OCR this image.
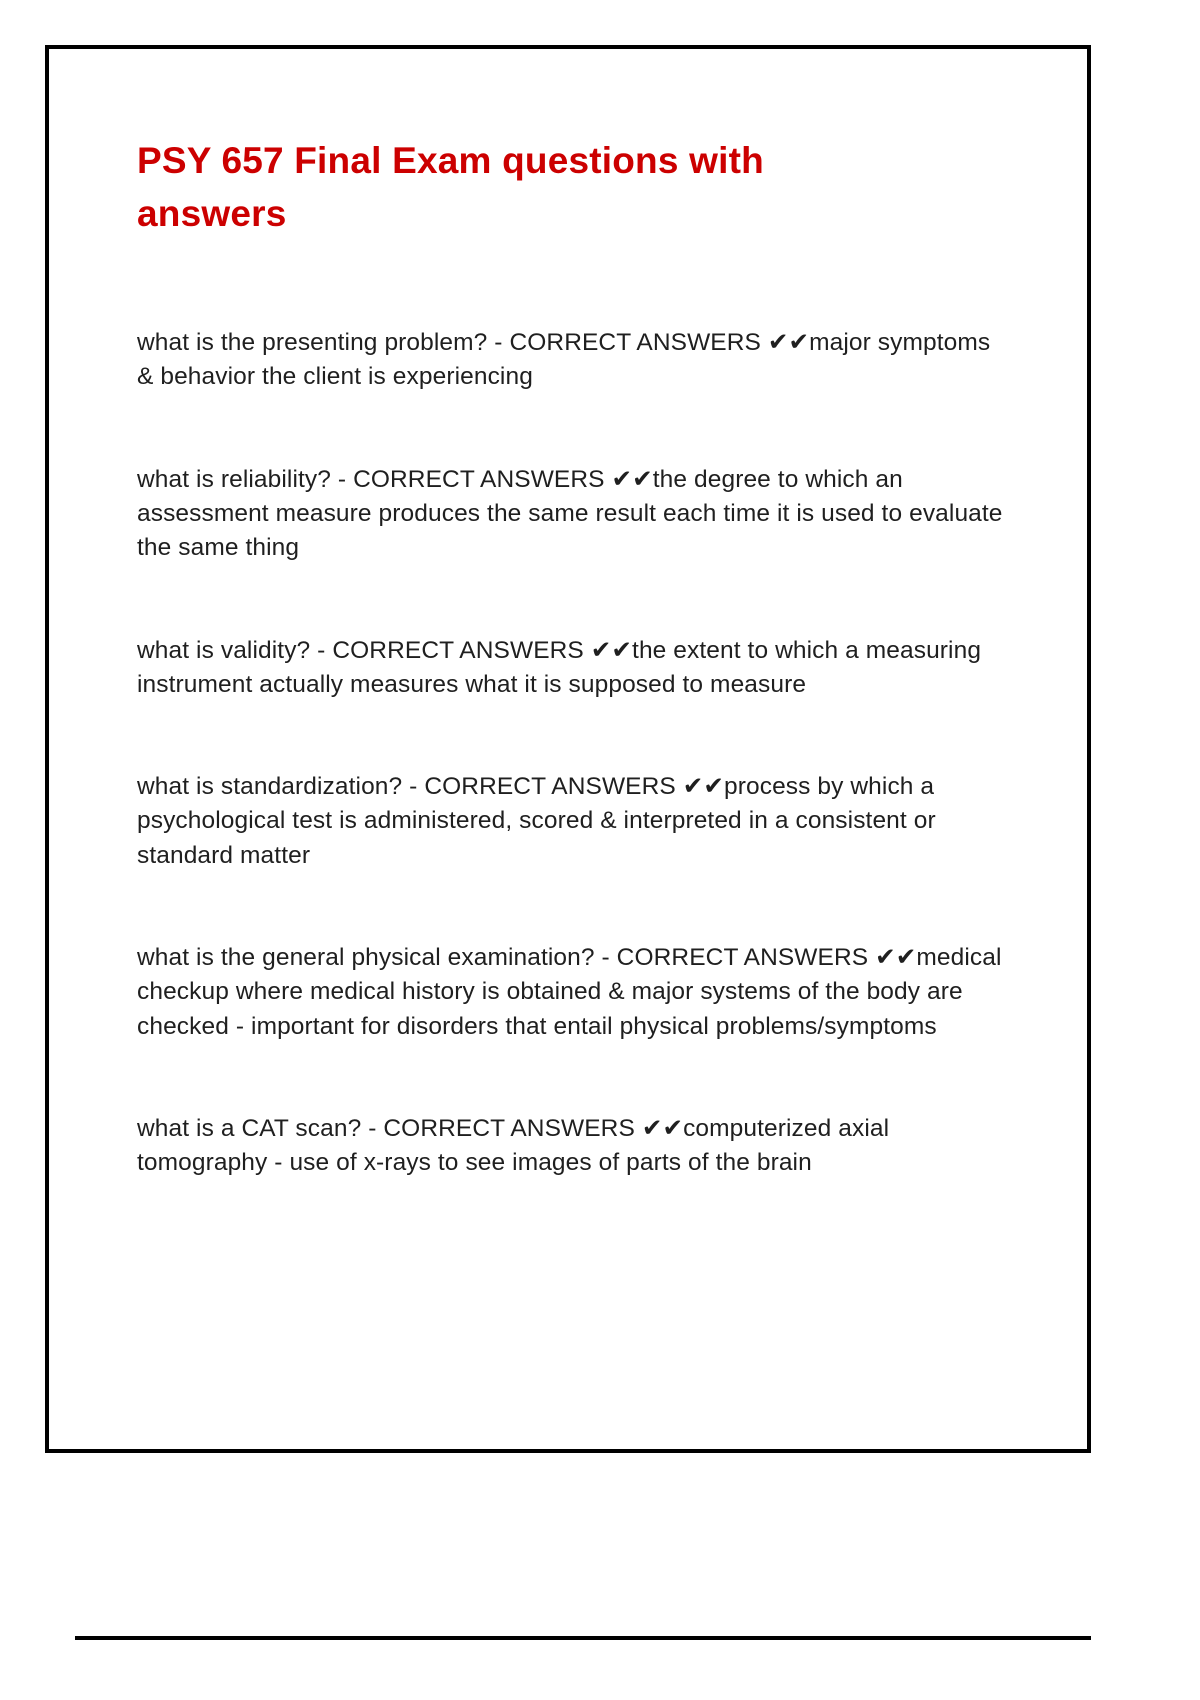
PSY 657 Final Exam questions with answers

what is the presenting problem? - CORRECT ANSWERS ✔✔major symptoms & behavior the client is experiencing

what is reliability? - CORRECT ANSWERS ✔✔the degree to which an assessment measure produces the same result each time it is used to evaluate the same thing

what is validity? - CORRECT ANSWERS ✔✔the extent to which a measuring instrument actually measures what it is supposed to measure

what is standardization? - CORRECT ANSWERS ✔✔process by which a psychological test is administered, scored & interpreted in a consistent or standard matter

what is the general physical examination? - CORRECT ANSWERS ✔✔medical checkup where medical history is obtained & major systems of the body are checked - important for disorders that entail physical problems/symptoms

what is a CAT scan? - CORRECT ANSWERS ✔✔computerized axial tomography - use of x-rays to see images of parts of the brain
